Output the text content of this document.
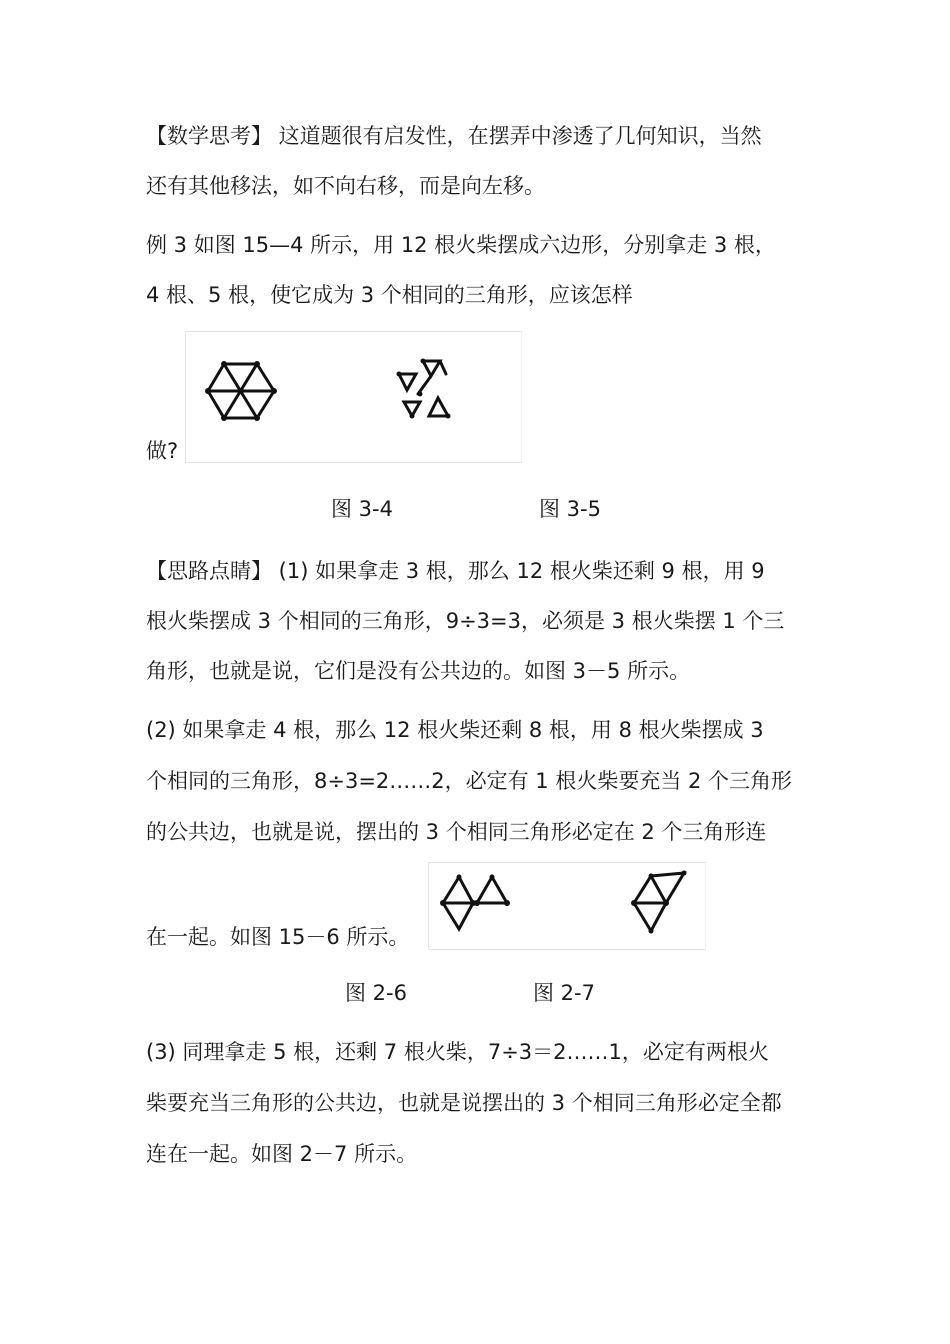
【数学思考】 这道题很有启发性，在摆弄中渗透了几何知识，当然
还有其他移法，如不向右移，而是向左移。
例 3 如图 15—4 所示，用 12 根火柴摆成六边形，分别拿走 3 根，
4 根、5 根，使它成为 3 个相同的三角形，应该怎样
做?
图 3-4	图 3-5
【思路点睛】 (1) 如果拿走 3 根，那么 12 根火柴还剩 9 根，用 9
根火柴摆成 3 个相同的三角形，9÷3=3，必须是 3 根火柴摆 1 个三
角形，也就是说，它们是没有公共边的。如图 3－5 所示。
(2) 如果拿走 4 根，那么 12 根火柴还剩 8 根，用 8 根火柴摆成 3
个相同的三角形，8÷3=2……2，必定有 1 根火柴要充当 2 个三角形
的公共边，也就是说，摆出的 3 个相同三角形必定在 2 个三角形连
在一起。如图 15－6 所示。
图 2-6	图 2-7
(3) 同理拿走 5 根，还剩 7 根火柴，7÷3＝2……1，必定有两根火
柴要充当三角形的公共边，也就是说摆出的 3 个相同三角形必定全都
连在一起。如图 2－7 所示。
